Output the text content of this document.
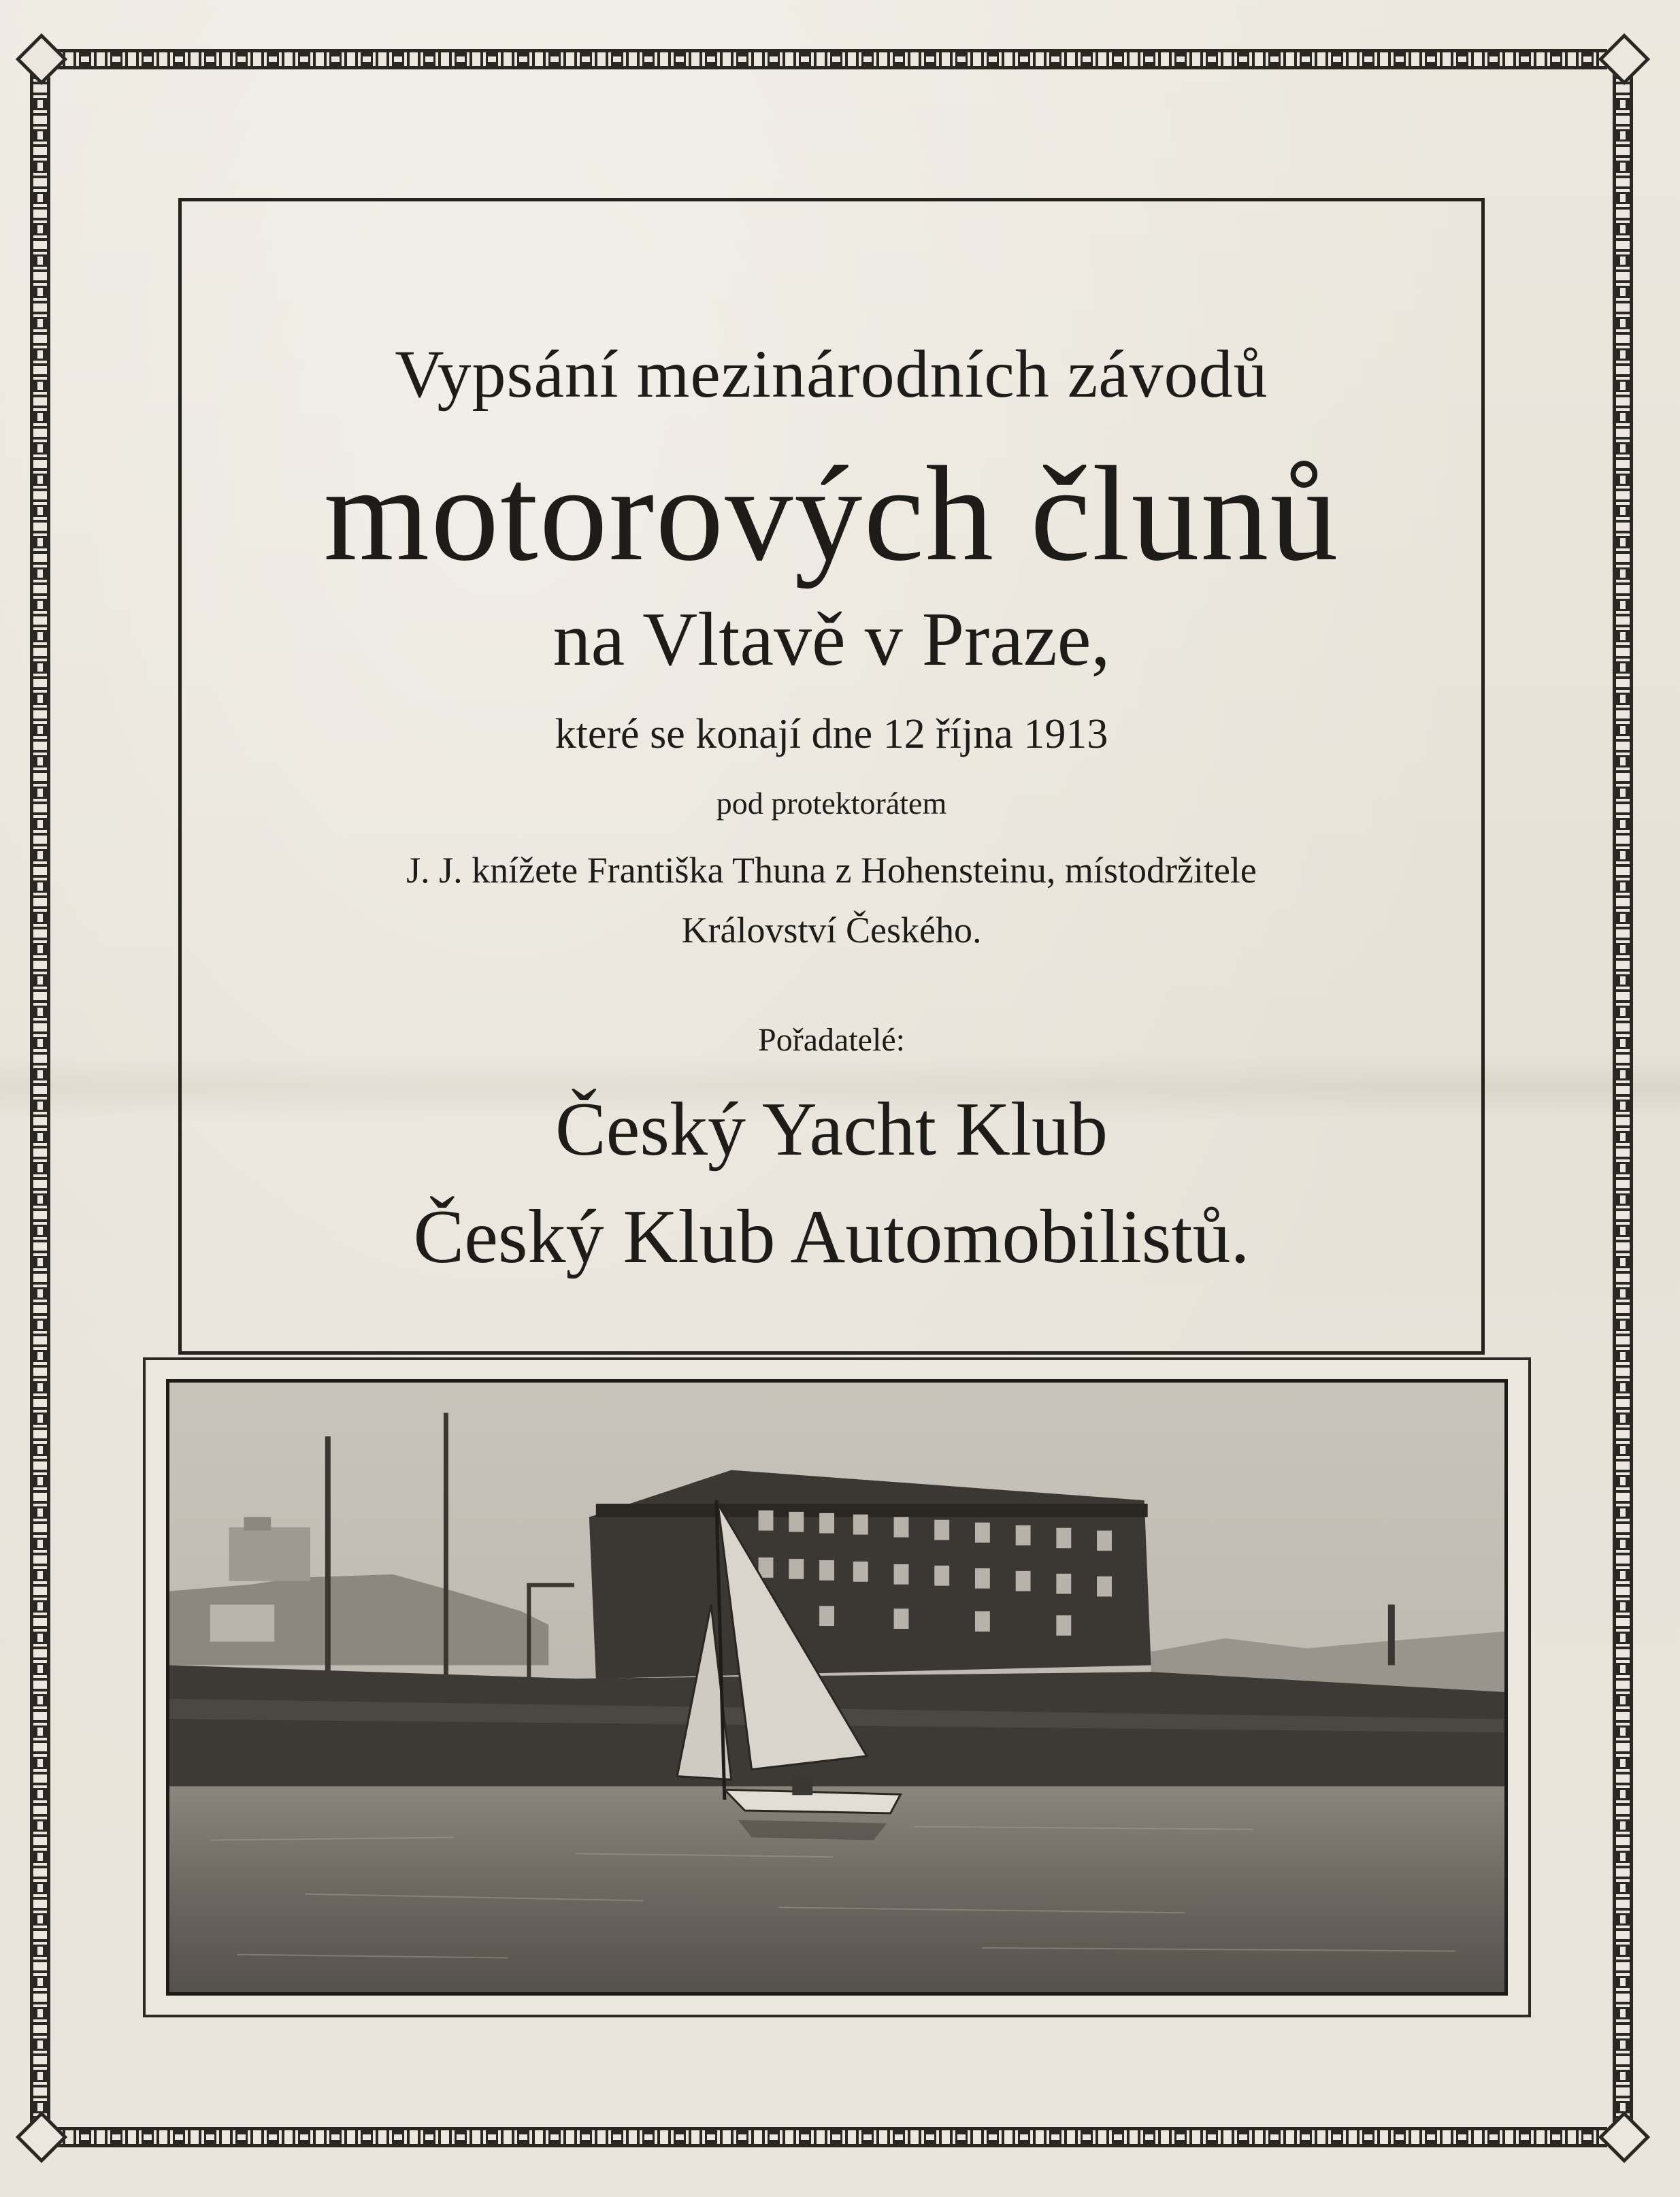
Vypsání mezinárodních závodů
motorových člunů
na Vltavě v Praze,
které se konají dne 12 října 1913
pod protektorátem
J. J. knížete Františka Thuna z Hohensteinu, místodržitele
Království Českého.
Pořadatelé:
Český Yacht Klub
Český Klub Automobilistů.
